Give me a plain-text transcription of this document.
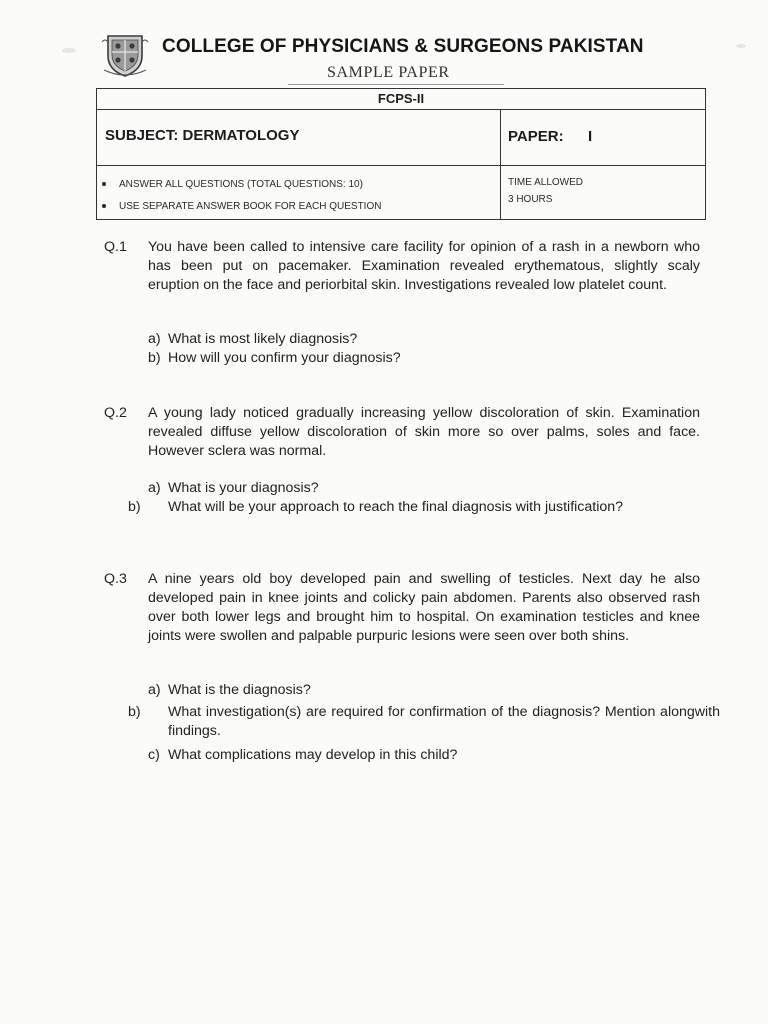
COLLEGE OF PHYSICIANS & SURGEONS PAKISTAN
SAMPLE PAPER
FCPS-II
SUBJECT: DERMATOLOGY	PAPER: I
ANSWER ALL QUESTIONS (TOTAL QUESTIONS: 10)
USE SEPARATE ANSWER BOOK FOR EACH QUESTION
TIME ALLOWED
3 HOURS
Q.1 You have been called to intensive care facility for opinion of a rash in a newborn who has been put on pacemaker. Examination revealed erythematous, slightly scaly eruption on the face and periorbital skin. Investigations revealed low platelet count.
a) What is most likely diagnosis?
b) How will you confirm your diagnosis?
Q.2 A young lady noticed gradually increasing yellow discoloration of skin. Examination revealed diffuse yellow discoloration of skin more so over palms, soles and face. However sclera was normal.
a) What is your diagnosis?
b) What will be your approach to reach the final diagnosis with justification?
Q.3 A nine years old boy developed pain and swelling of testicles. Next day he also developed pain in knee joints and colicky pain abdomen. Parents also observed rash over both lower legs and brought him to hospital. On examination testicles and knee joints were swollen and palpable purpuric lesions were seen over both shins.
a) What is the diagnosis?
b) What investigation(s) are required for confirmation of the diagnosis? Mention alongwith findings.
c) What complications may develop in this child?
